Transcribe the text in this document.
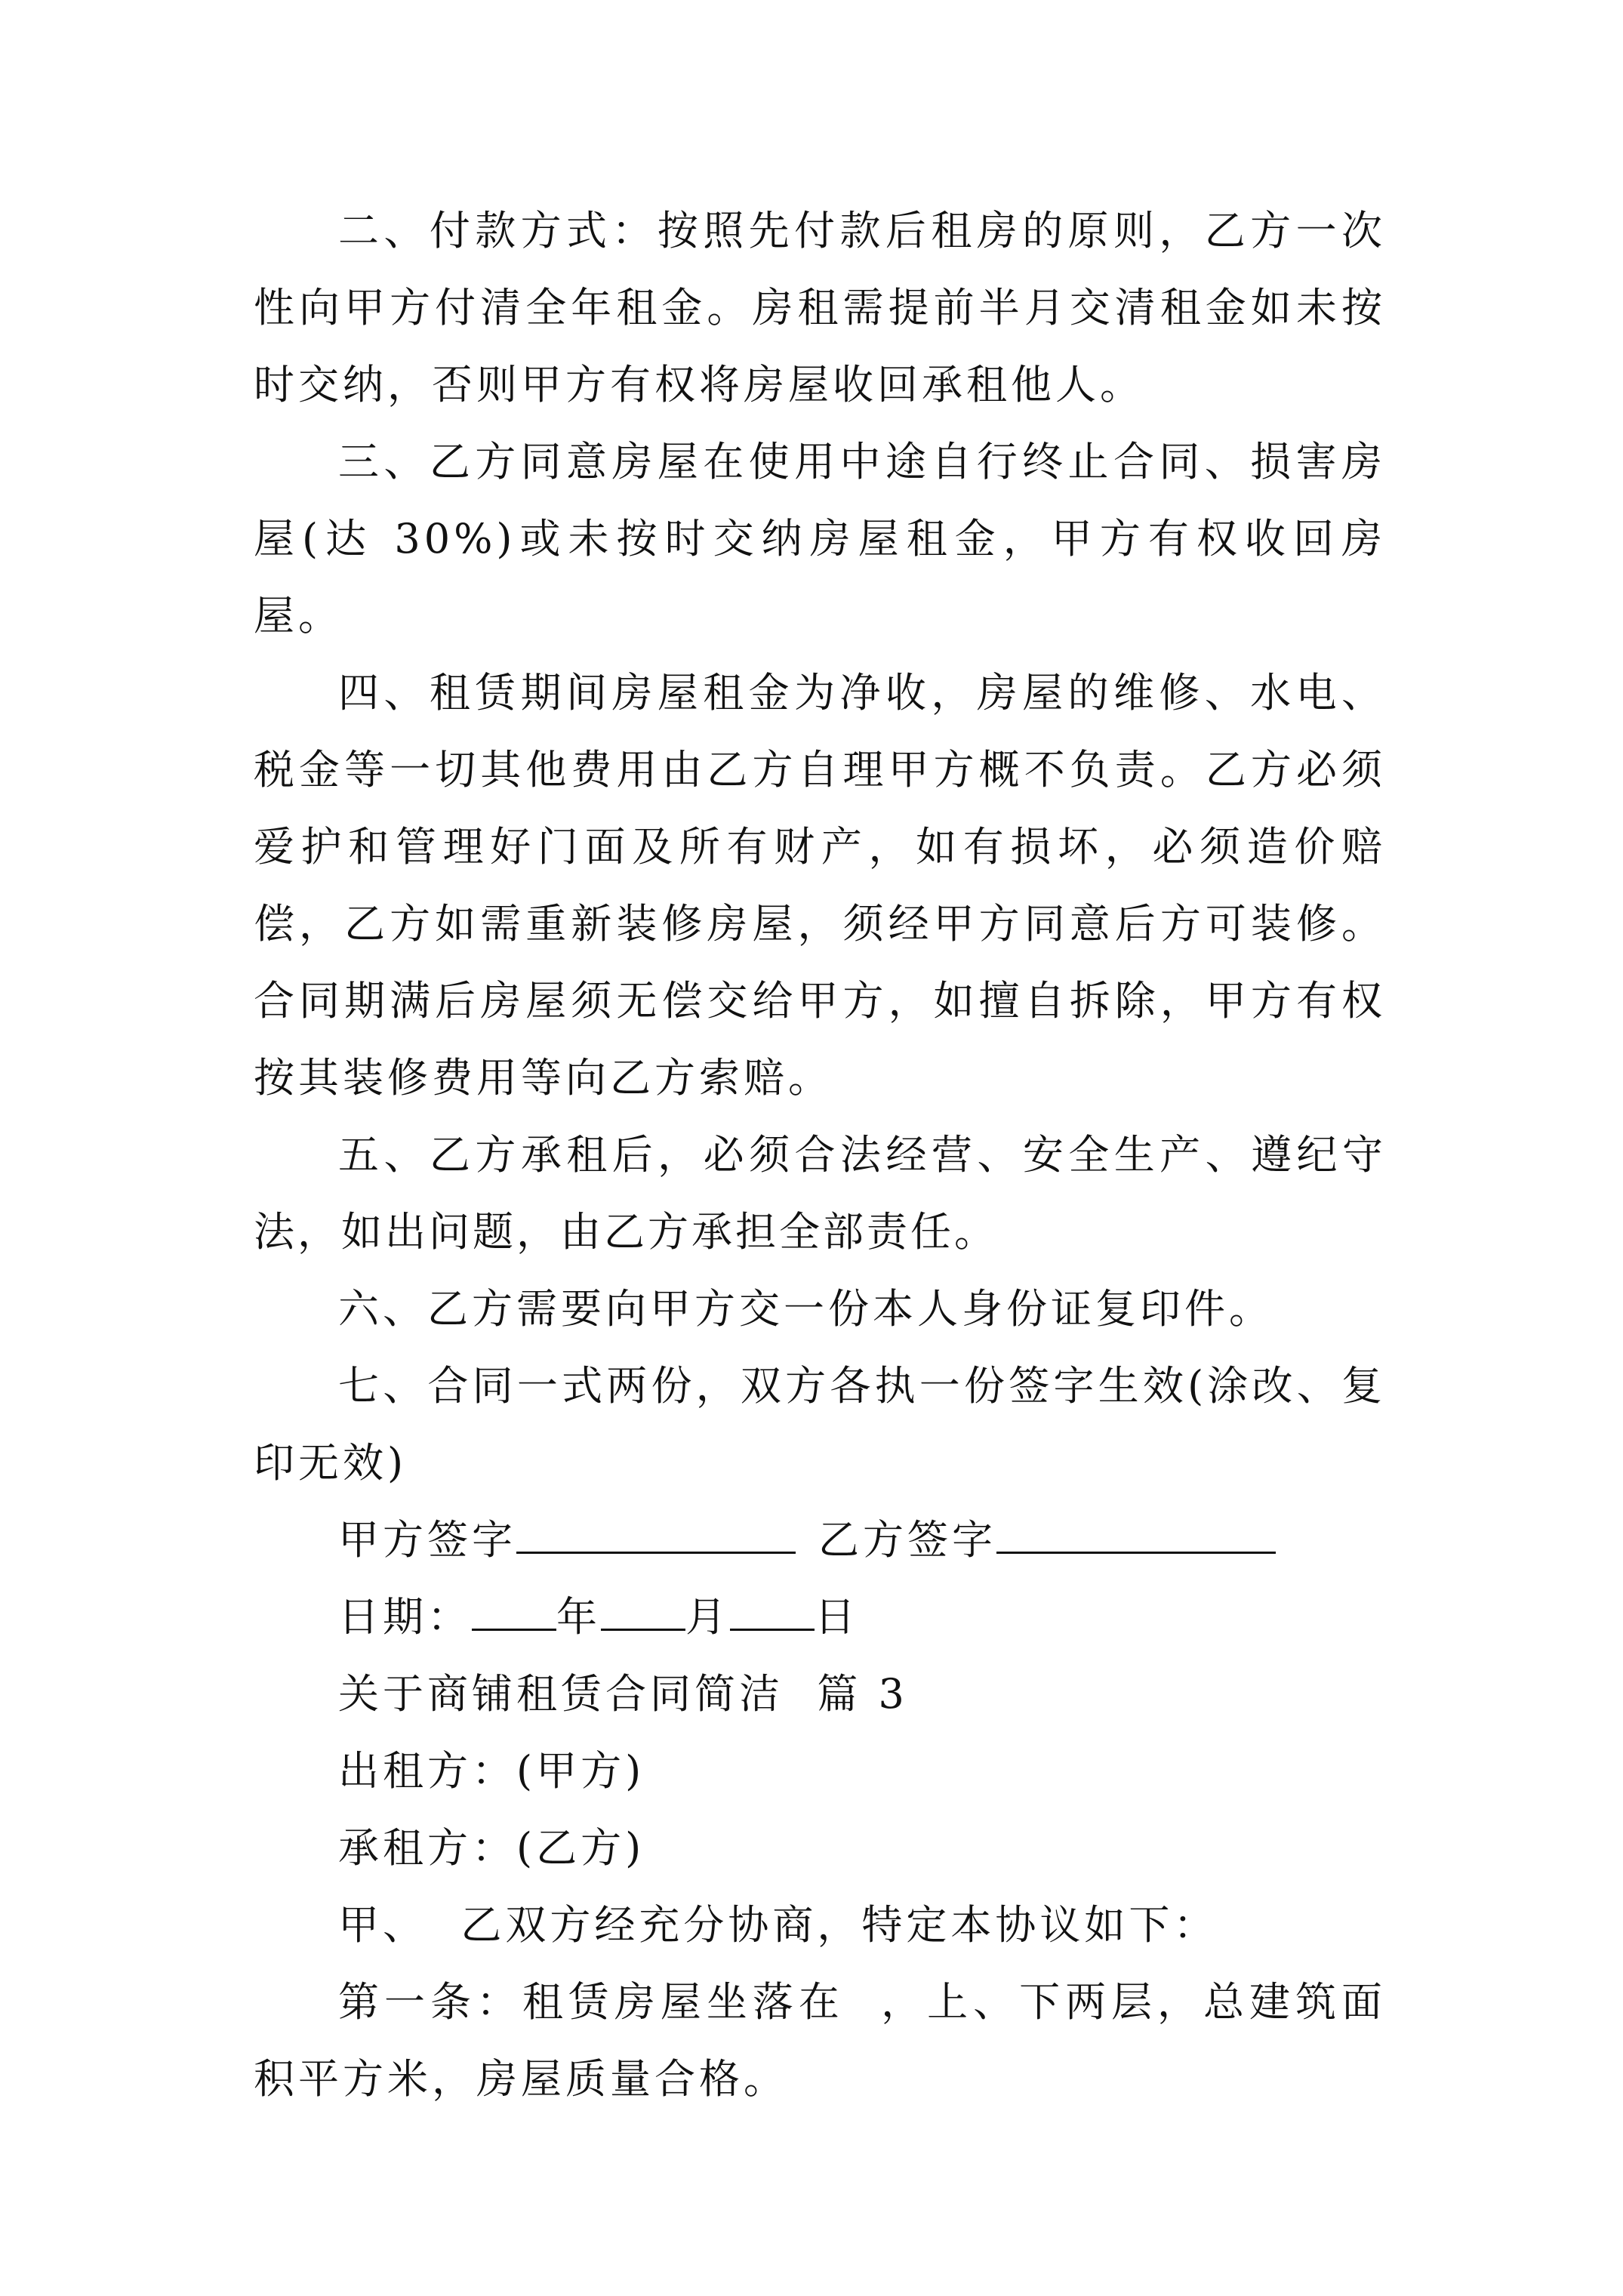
二、付款方式：按照先付款后租房的原则，乙方一次性向甲方付清全年租金。房租需提前半月交清租金如未按时交纳，否则甲方有权将房屋收回承租他人。

三、乙方同意房屋在使用中途自行终止合同、损害房屋(达 30%)或未按时交纳房屋租金，甲方有权收回房屋。

四、租赁期间房屋租金为净收，房屋的维修、水电、税金等一切其他费用由乙方自理甲方概不负责。乙方必须爱护和管理好门面及所有财产，如有损坏，必须造价赔偿，乙方如需重新装修房屋，须经甲方同意后方可装修。合同期满后房屋须无偿交给甲方，如擅自拆除，甲方有权按其装修费用等向乙方索赔。

五、乙方承租后，必须合法经营、安全生产、遵纪守法，如出问题，由乙方承担全部责任。

六、乙方需要向甲方交一份本人身份证复印件。

七、合同一式两份，双方各执一份签字生效(涂改、复印无效)

甲方签字	乙方签字
日期： 年 月 日
关于商铺租赁合同简洁  篇 3
出租方：(甲方)
承租方：(乙方)
甲、  乙双方经充分协商，特定本协议如下：

第一条：租赁房屋坐落在  ，上、下两层，总建筑面积平方米，房屋质量合格。
